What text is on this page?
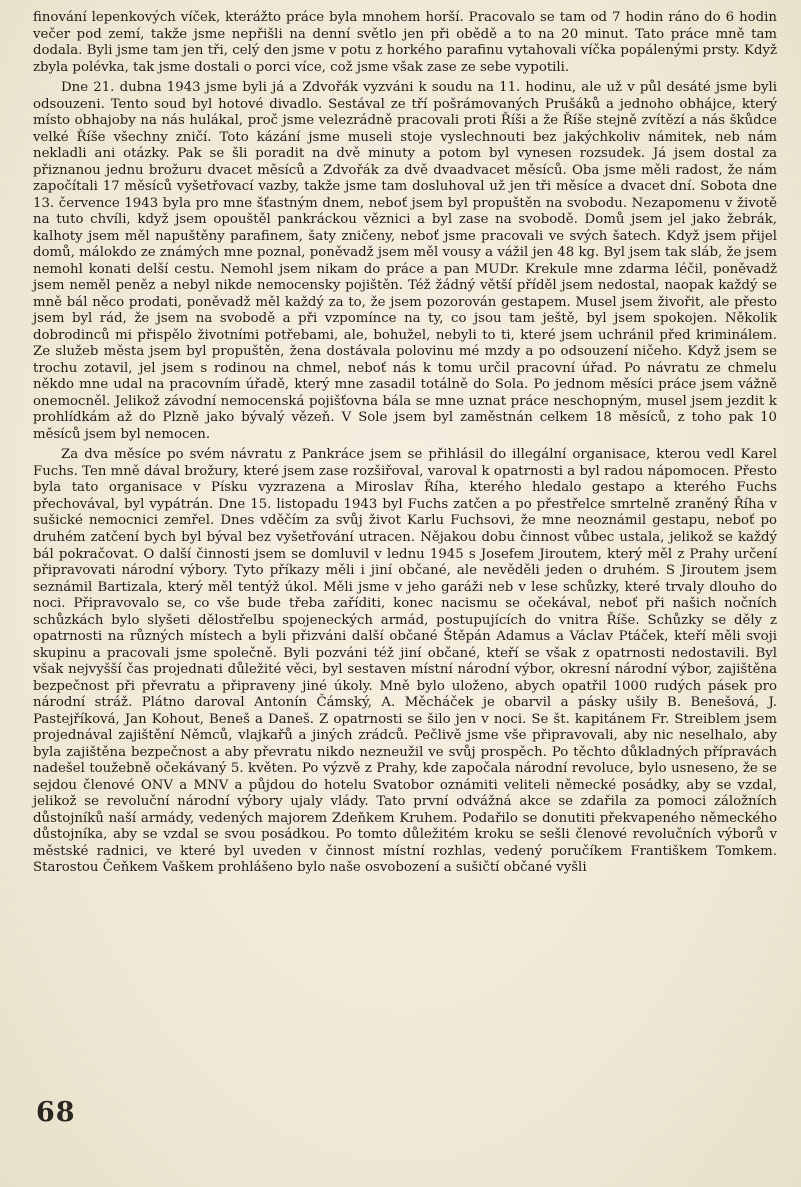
finování lepenkových víček, kterážto práce byla mnohem horší. Pracovalo se tam od 7 hodin ráno do 6 hodin večer pod zemí, takže jsme nepřišli na denní světlo jen při obědě a to na 20 minut. Tato práce mně tam dodala. Byli jsme tam jen tři, celý den jsme v potu z horkého parafinu vytahovali víčka popálenými prsty. Když zbyla polévka, tak jsme dostali o porci více, což jsme však zase ze sebe vypotili.

Dne 21. dubna 1943 jsme byli já a Zdvořák vyzváni k soudu na 11. hodinu, ale už v půl desáté jsme byli odsouzeni. Tento soud byl hotové divadlo. Sestával ze tří pošrámovaných Prušáků a jednoho obhájce, který místo obhajoby na nás hulákal, proč jsme velezrádně pracovali proti Říši a že Říše stejně zvítězí a nás škůdce velké Říše všechny zničí. Toto kázání jsme museli stoje vyslechnouti bez jakýchkoliv námitek, neb nám nekladli ani otázky. Pak se šli poradit na dvě minuty a potom byl vynesen rozsudek. Já jsem dostal za přiznanou jednu brožuru dvacet měsíců a Zdvořák za dvě dvaadvacet měsíců. Oba jsme měli radost, že nám započítali 17 měsíců vyšetřovací vazby, takže jsme tam dosluhoval už jen tři měsíce a dvacet dní. Sobota dne 13. července 1943 byla pro mne šťastným dnem, neboť jsem byl propuštěn na svobodu. Nezapomenu v životě na tuto chvíli, když jsem opouštěl pankráckou věznici a byl zase na svobodě. Domů jsem jel jako žebrák, kalhoty jsem měl napuštěny parafinem, šaty zničeny, neboť jsme pracovali ve svých šatech. Když jsem přijel domů, málokdo ze známých mne poznal, poněvadž jsem měl vousy a vážil jen 48 kg. Byl jsem tak sláb, že jsem nemohl konati delší cestu. Nemohl jsem nikam do práce a pan MUDr. Krekule mne zdarma léčil, poněvadž jsem neměl peněz a nebyl nikde nemocensky pojištěn. Též žádný větší příděl jsem nedostal, naopak každý se mně bál něco prodati, poněvadž měl každý za to, že jsem pozorován gestapem. Musel jsem živořit, ale přesto jsem byl rád, že jsem na svobodě a při vzpomínce na ty, co jsou tam ještě, byl jsem spokojen. Několik dobrodinců mi přispělo životními potřebami, ale, bohužel, nebyli to ti, které jsem uchránil před kriminálem. Ze služeb města jsem byl propuštěn, žena dostávala polovinu mé mzdy a po odsouzení ničeho. Když jsem se trochu zotavil, jel jsem s rodinou na chmel, neboť nás k tomu určil pracovní úřad. Po návratu ze chmelu někdo mne udal na pracovním úřadě, který mne zasadil totálně do Sola. Po jednom měsíci práce jsem vážně onemocněl. Jelikož závodní nemocenská pojišťovna bála se mne uznat práce neschopným, musel jsem jezdit k prohlídkám až do Plzně jako bývalý vězeň. V Sole jsem byl zaměstnán celkem 18 měsíců, z toho pak 10 měsíců jsem byl nemocen.

Za dva měsíce po svém návratu z Pankráce jsem se přihlásil do illegální organisace, kterou vedl Karel Fuchs. Ten mně dával brožury, které jsem zase rozšiřoval, varoval k opatrnosti a byl radou nápomocen. Přesto byla tato organisace v Písku vyzrazena a Miroslav Říha, kterého hledalo gestapo a kterého Fuchs přechovával, byl vypátrán. Dne 15. listopadu 1943 byl Fuchs zatčen a po přestřelce smrtelně zraněný Říha v sušické nemocnici zemřel. Dnes vděčím za svůj život Karlu Fuchsovi, že mne neoznámil gestapu, neboť po druhém zatčení bych byl býval bez vyšetřování utracen. Nějakou dobu činnost vůbec ustala, jelikož se každý bál pokračovat. O další činnosti jsem se domluvil v lednu 1945 s Josefem Jiroutem, který měl z Prahy určení připravovati národní výbory. Tyto příkazy měli i jiní občané, ale nevěděli jeden o druhém. S Jiroutem jsem seznámil Bartizala, který měl tentýž úkol. Měli jsme v jeho garáži neb v lese schůzky, které trvaly dlouho do noci. Připravovalo se, co vše bude třeba zaříditi, konec nacismu se očekával, neboť při našich nočních schůzkách bylo slyšeti dělostřelbu spojeneckých armád, postupujících do vnitra Říše. Schůzky se děly z opatrnosti na různých místech a byli přizváni další občané Štěpán Adamus a Václav Ptáček, kteří měli svoji skupinu a pracovali jsme společně. Byli pozváni též jiní občané, kteří se však z opatrnosti nedostavili. Byl však nejvyšší čas projednati důležité věci, byl sestaven místní národní výbor, okresní národní výbor, zajištěna bezpečnost při převratu a připraveny jiné úkoly. Mně bylo uloženo, abych opatřil 1000 rudých pásek pro národní stráž. Plátno daroval Antonín Čámský, A. Měcháček je obarvil a pásky ušily B. Benešová, J. Pastejříková, Jan Kohout, Beneš a Daneš. Z opatrnosti se šilo jen v noci. Se št. kapitánem Fr. Streiblem jsem projednával zajištění Němců, vlajkařů a jiných zrádců. Pečlivě jsme vše připravovali, aby nic neselhalo, aby byla zajištěna bezpečnost a aby převratu nikdo nezneužil ve svůj prospěch. Po těchto důkladných přípravách nadešel toužebně očekávaný 5. květen. Po výzvě z Prahy, kde započala národní revoluce, bylo usneseno, že se sejdou členové ONV a MNV a půjdou do hotelu Svatobor oznámiti veliteli německé posádky, aby se vzdal, jelikož se revoluční národní výbory ujaly vlády. Tato první odvážná akce se zdařila za pomoci záložních důstojníků naší armády, vedených majorem Zdeňkem Kruhem. Podařilo se donutiti překvapeného německého důstojníka, aby se vzdal se svou posádkou. Po tomto důležitém kroku se sešli členové revolučních výborů v městské radnici, ve které byl uveden v činnost místní rozhlas, vedený poručíkem Františkem Tomkem. Starostou Čeňkem Vaškem prohlášeno bylo naše osvobození a sušičtí občané vyšli

68
